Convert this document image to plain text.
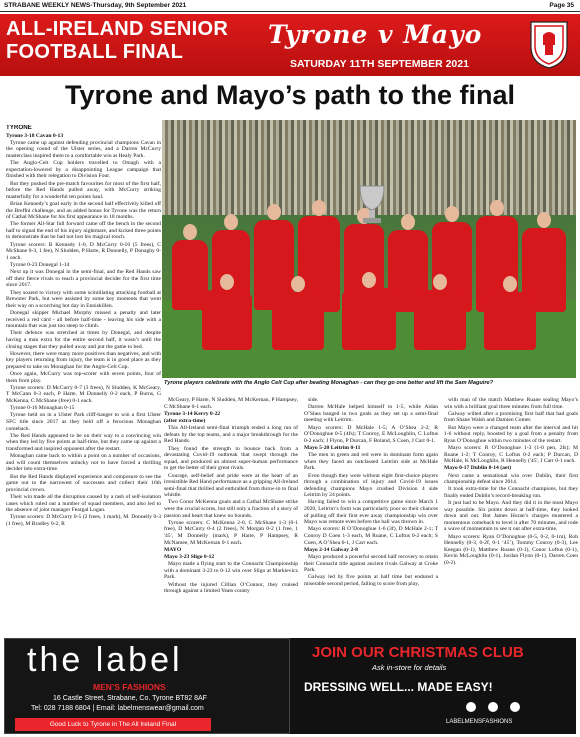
STRABANE WEEKLY NEWS-Thursday, 9th September 2021	Page 35
ALL-IRELAND SENIOR
FOOTBALL FINAL
Tyrone v Mayo
SATURDAY 11TH SEPTEMBER 2021
Tyrone and Mayo’s path to the final
TYRONE

Tyrone 3-18 Cavan 0-13

Tyrone came up against defending provincial champions Cavan in the opening round of the Ulster series, and a Darren McCurry masterclass inspired them to a comfortable win at Healy Park.

The Anglo-Celt Cup holders travelled to Omagh with a expectation-lowered by a disappointing League campaign that finished with their relegation to Division Four.

But they pushed the pre-match favourites for most of the first half, before the Red Hands pulled away, with McCurry striking masterfully for a wonderful ten points haul.

Brian Kennedy’s goal early in the second half effectively killed off the Breffni challenge, and an added bonus for Tyrone was the return of Cathal McShane for his first appearance in 18 months.

The former All-Star full forward came off the bench in the second half to signal the end of his injury nightmare, and kicked three points to demonstrate that he had not lost his magical touch.

Tyrone scorers: B Kennedy 1-0, D McCurry 0-10 (5 frees), C McShane 0-3, 1 fee), N Sludden, P Harte, R Donnelly, P Donaghy 0-1 each.

Tyrone 0-23 Donegal 1-14

Next up it was Donegal in the semi-final, and the Red Hands saw off their fierce rivals to reach a provincial decider for the first time since 2017.

They soared to victory with some scintillating attacking football at Brewster Park, but were assisted by some key moments that went their way on a scorching hot day in Enniskillen.

Donegal skipper Michael Murphy missed a penalty and later received a red card - all before half-time - leaving his side with a mountain that was just too steep to climb.

Their defence was stretched at times by Donegal, and despite having a man extra for the entire second half, it wasn’t until the closing stages that they pulled away and put the game to bed.

However, there were many more positives than negatives, and with key players returning from injury, the team is in good place as they prepared to take on Monaghan for the Anglo-Celt Cup.

Once again, McCurry was top-scorer with seven points, four of them from play.

Tyrone scorers: D McCurry 0-7 (3 frees), N Sludden, K McGeary, T McCann 0-3 each, P Harte, M Donnelly 0-2 each, P Burns, G McKenna, C McShane (free) 0-1 each.

Tyrone 0-16 Monaghan 0-15

Tyrone held on in a Ulster Park cliff-hanger to win a first Ulster SFC title since 2017 as they held off a ferocious Monaghan comeback.

The Red Hands appeared to be on their way to a convincing win when they led by five points at half-time, but they came up against a transformed and inspired opponent after the restart.

Monaghan came back to within a point on a number of occasions, and will count themselves unlucky not to have forced a thrilling decider into extra-time.

But the Red Hands displayed experience and composure to see the game out to the narrowest of successes and collect their 16th provincial crown.

Their win made all the disruption caused by a rash of self-isolation cases which ruled out a number of squad members, and also led to the absence of joint manager Feargal Logan.

Tyrone scorers: D McCurry 0-5 (2 frees, 1 mark), M. Donnelly 0-3 (1 free), M Bradley 0-2, R

Tyrone players celebrate with the Anglo Celt Cup after beating Monaghan - can they go one better and lift the Sam Maguire?

McGeary, P Harte, N Sludden, M McKernan, P Hampsey, C McShane 0-1 each.

Tyrone 3-14 Kerry 0-22

(after extra-time)

This All-Ireland semi-final triumph ended a long run of defeats by the top teams, and a major breakthrough for the Red Hands.

They found the strength to bounce back from a devastating Covid-19 outbreak that swept through the squad, and produced an almost super-human performance to get the better of their great rivals.

Courage, self-belief and pride were at the heart of an irresistible Red Hand performance as a gripping All-Ireland semi-final that thrilled and enthralled from throw-in to final whistle.

Two Conor McKenna goals and a Cathal McShane strike were the crucial scores, but still only a fraction of a story of passion and heart that knew no bounds.

Tyrone scorers: C McKenna 2-0, C McShane 1-3 (0-1 free), D McCurry 0-4 (2 frees), N Morgan 0-2 (1 free, 1 '45', M Donnelly (mark), P Harte, P Hampsey, R McNamee, M McKernan 0-1 each.

MAYO

Mayo 3-23 Sligo 0-12

Mayo made a flying start to the Connacht Championship with a dominant 3-23 to 0-12 win over Sligo at Markievicz Park.

Without the injured Cillian O’Connor, they cruised through against a limited Yeats county

side.

Darren McHale helped himself to 1-5, while Aidan O’Shea banged in two goals as they set up a semi-final meeting with Leitrim.

Mayo scorers: D McHale 1-5; A O’Shea 2-2; R O’Donoghue 0-5 (4fs); T Conroy, E McLoughlin, C Loftus 0-2 each; J Flynn, P Durcan, F Boland, S Coen, J Carr 0-1.

Mayo 5-20 Leitrim 0-11

The men in green and red were in dominant form again when they faced an outclassed Leitrim side at McHale Park.

Even though they were without eight first-choice players through a combination of injury and Covid-19 issues defending champions Mayo crushed Division 4 side Leitrim by 24 points.

Having failed to win a competitive game since March 1 2020, Leitrim’s form was particularly poor so their chances of pulling off their first ever away championship win over Mayo was remote even before the ball was thrown in.

Mayo scorers: R O’Donoghue 1-6 (3f), D McHale 2-1; T Conroy D Coen 1-3 each, M Ruane, C Loftus 0-2 each; S Coen, A O’Shea 0-1, J Carr each.

Mayo 2-14 Galway 2-8

Mayo produced a powerful second half recovery to retain their Connacht title against ancient rivals Galway at Croke Park.

Galway led by five points at half time but endured a miserable second period, failing to score from play,

with man of the match Matthew Ruane sealing Mayo’s win with a brilliant goal three minutes from full time.

Galway wilted after a promising first half that had goals from Shane Walsh and Damien Comer.

But Mayo were a changed team after the interval and hit 1-6 without reply, boosted by a goal from a penalty from Ryan O’Donoghue within two minutes of the restart.

Mayo scorers: R O’Donoghue 1-3 (1-0 pen, 2fs); M Ruane 1-2; T Conroy, C Loftus 0-2 each; P Durcan, D McHale, K McLoughlin, R Hennelly ('45', J Carr 0-1 each.

Mayo 0-17 Dublin 0-14 (aet)

Next came a sensational win over Dublin, their first championship defeat since 2014.

It took extra-time for the Connacht champions, but they finally ended Dublin’s record-breaking run.

It just had to be Mayo. And they did it in the most Mayo way possible. Six points down at half-time, they looked down and out. But James Horan’s charges mustered a momentous comeback to level it after 70 minutes, and rode a wave of momentum to see it out after extra-time.

Mayo scorers: Ryan O’Donoghue (0-5, 0-2, 0-1m), Rob Hennelly (0-3, 0-2f, 0-1 ‘45’), Tommy Conroy (0-3), Lee Keegan (0-1), Matthew Ruane (0-1), Conor Loftus (0-1), Kevin McLoughlin (0-1), Jordan Flynn (0-1), Darren Coen (0-2).

the label
MEN’S FASHIONS
16 Castle Street, Strabane, Co. Tyrone BT82 8AF
Tel: 028 7188 6804 | Email: labelmenswear@gmail.com
Good Luck to Tyrone in The All Ireland Final
JOIN OUR CHRISTMAS CLUB
Ask in-store for details
DRESSING WELL... MADE EASY!
LABELMENSFASHIONS
